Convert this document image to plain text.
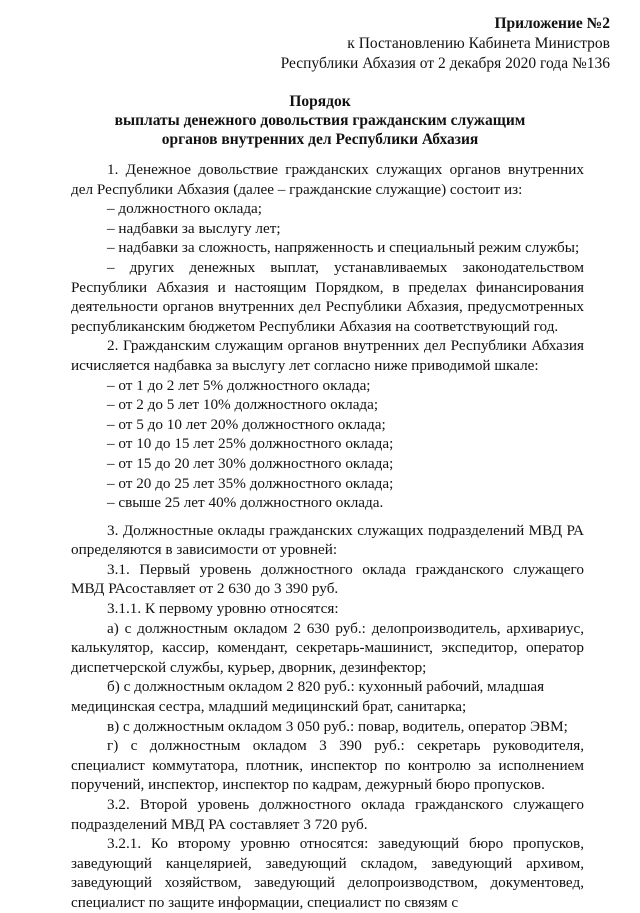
Приложение №2
к Постановлению Кабинета Министров
Республики Абхазия от 2 декабря 2020 года №136
Порядок
выплаты денежного довольствия гражданским служащим
органов внутренних дел Республики Абхазия

1. Денежное довольствие гражданских служащих органов внутренних дел Республики Абхазия (далее – гражданские служащие) состоит из:

– должностного оклада;

– надбавки за выслугу лет;

– надбавки за сложность, напряженность и специальный режим службы;

– других денежных выплат, устанавливаемых законодательством Республики Абхазия и настоящим Порядком, в пределах финансирования деятельности органов внутренних дел Республики Абхазия, предусмотренных республиканским бюджетом Республики Абхазия на соответствующий год.

2. Гражданским служащим органов внутренних дел Республики Абхазия исчисляется надбавка за выслугу лет согласно ниже приводимой шкале:

– от 1 до 2 лет 5% должностного оклада;

– от 2 до 5 лет 10% должностного оклада;

– от 5 до 10 лет 20% должностного оклада;

– от 10 до 15 лет 25% должностного оклада;

– от 15 до 20 лет 30% должностного оклада;

– от 20 до 25 лет 35% должностного оклада;

– свыше 25 лет 40% должностного оклада.

3. Должностные оклады гражданских служащих подразделений МВД РА определяются в зависимости от уровней:

3.1. Первый уровень должностного оклада гражданского служащего МВД РАсоставляет от 2 630 до 3 390 руб.

3.1.1. К первому уровню относятся:

а) с должностным окладом 2 630 руб.: делопроизводитель, архивариус, калькулятор, кассир, комендант, секретарь-машинист, экспедитор, оператор диспетчерской службы, курьер, дворник, дезинфектор;

б) с должностным окладом 2 820 руб.: кухонный рабочий, младшая

медицинская сестра, младший медицинский брат, санитарка;

в) с должностным окладом 3 050 руб.: повар, водитель, оператор ЭВМ;

г) с должностным окладом 3 390 руб.: секретарь руководителя, специалист коммутатора, плотник, инспектор по контролю за исполнением поручений, инспектор, инспектор по кадрам, дежурный бюро пропусков.

3.2. Второй уровень должностного оклада гражданского служащего подразделений МВД РА составляет 3 720 руб.

3.2.1. Ко второму уровню относятся: заведующий бюро пропусков, заведующий канцелярией, заведующий складом, заведующий архивом, заведующий хозяйством, заведующий делопроизводством, документовед, специалист по защите информации, специалист по связям с
